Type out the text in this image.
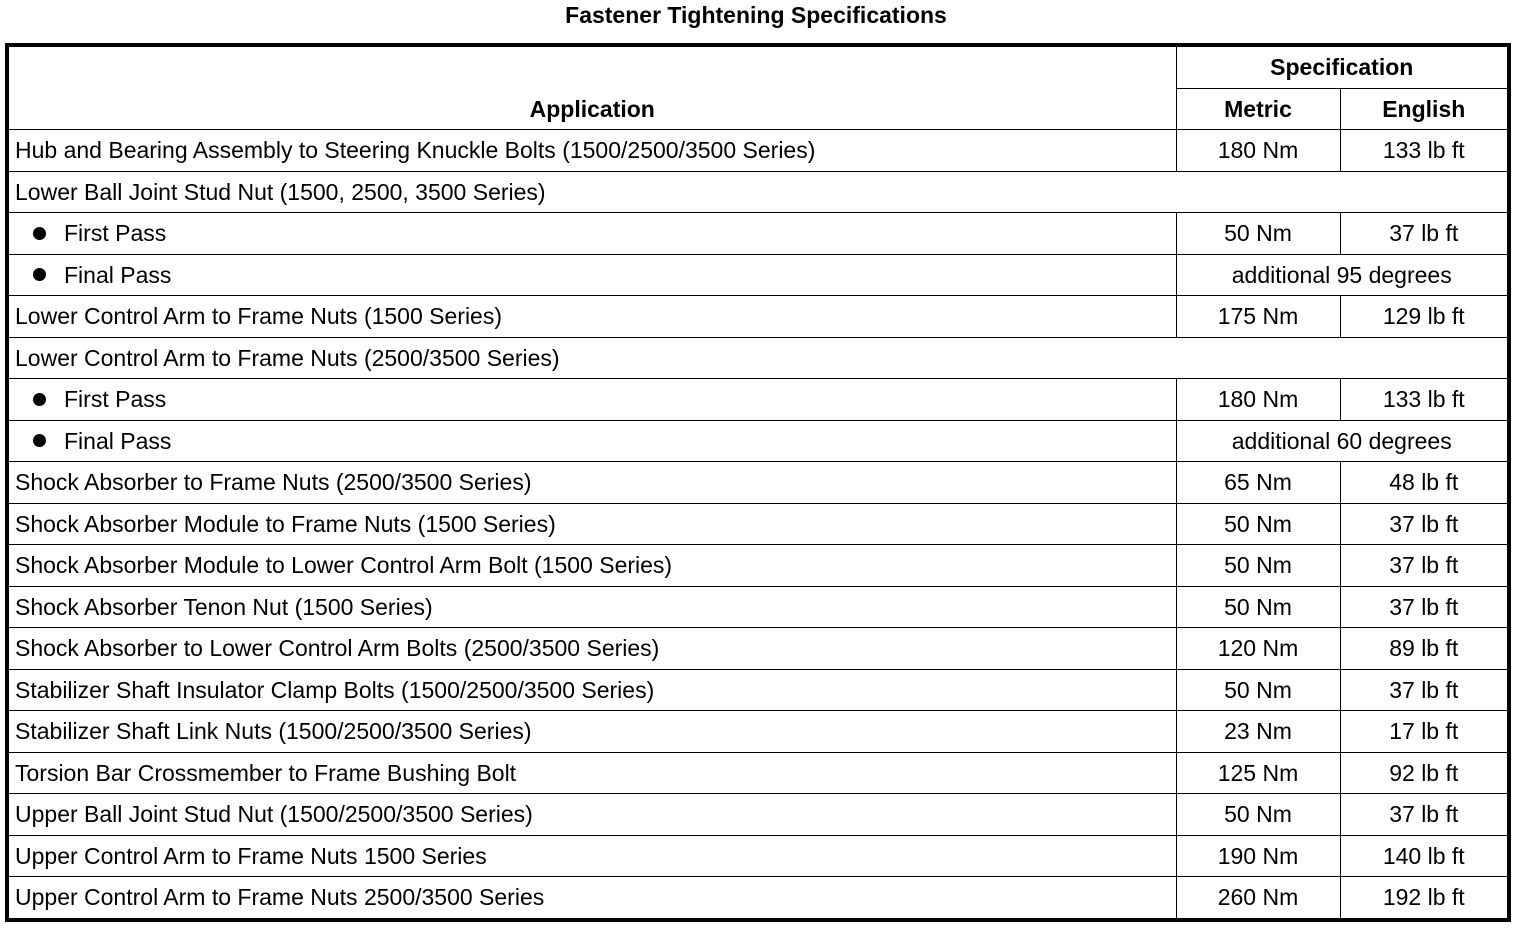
Fastener Tightening Specifications
Application	Specification	
	Metric	English
Hub and Bearing Assembly to Steering Knuckle Bolts (1500/2500/3500 Series)	180 Nm	133 lb ft
Lower Ball Joint Stud Nut (1500, 2500, 3500 Series)		
First Pass	50 Nm	37 lb ft
Final Pass	additional 95 degrees	
Lower Control Arm to Frame Nuts (1500 Series)	175 Nm	129 lb ft
Lower Control Arm to Frame Nuts (2500/3500 Series)		
First Pass	180 Nm	133 lb ft
Final Pass	additional 60 degrees	
Shock Absorber to Frame Nuts (2500/3500 Series)	65 Nm	48 lb ft
Shock Absorber Module to Frame Nuts (1500 Series)	50 Nm	37 lb ft
Shock Absorber Module to Lower Control Arm Bolt (1500 Series)	50 Nm	37 lb ft
Shock Absorber Tenon Nut (1500 Series)	50 Nm	37 lb ft
Shock Absorber to Lower Control Arm Bolts (2500/3500 Series)	120 Nm	89 lb ft
Stabilizer Shaft Insulator Clamp Bolts (1500/2500/3500 Series)	50 Nm	37 lb ft
Stabilizer Shaft Link Nuts (1500/2500/3500 Series)	23 Nm	17 lb ft
Torsion Bar Crossmember to Frame Bushing Bolt	125 Nm	92 lb ft
Upper Ball Joint Stud Nut (1500/2500/3500 Series)	50 Nm	37 lb ft
Upper Control Arm to Frame Nuts 1500 Series	190 Nm	140 lb ft
Upper Control Arm to Frame Nuts 2500/3500 Series	260 Nm	192 lb ft
